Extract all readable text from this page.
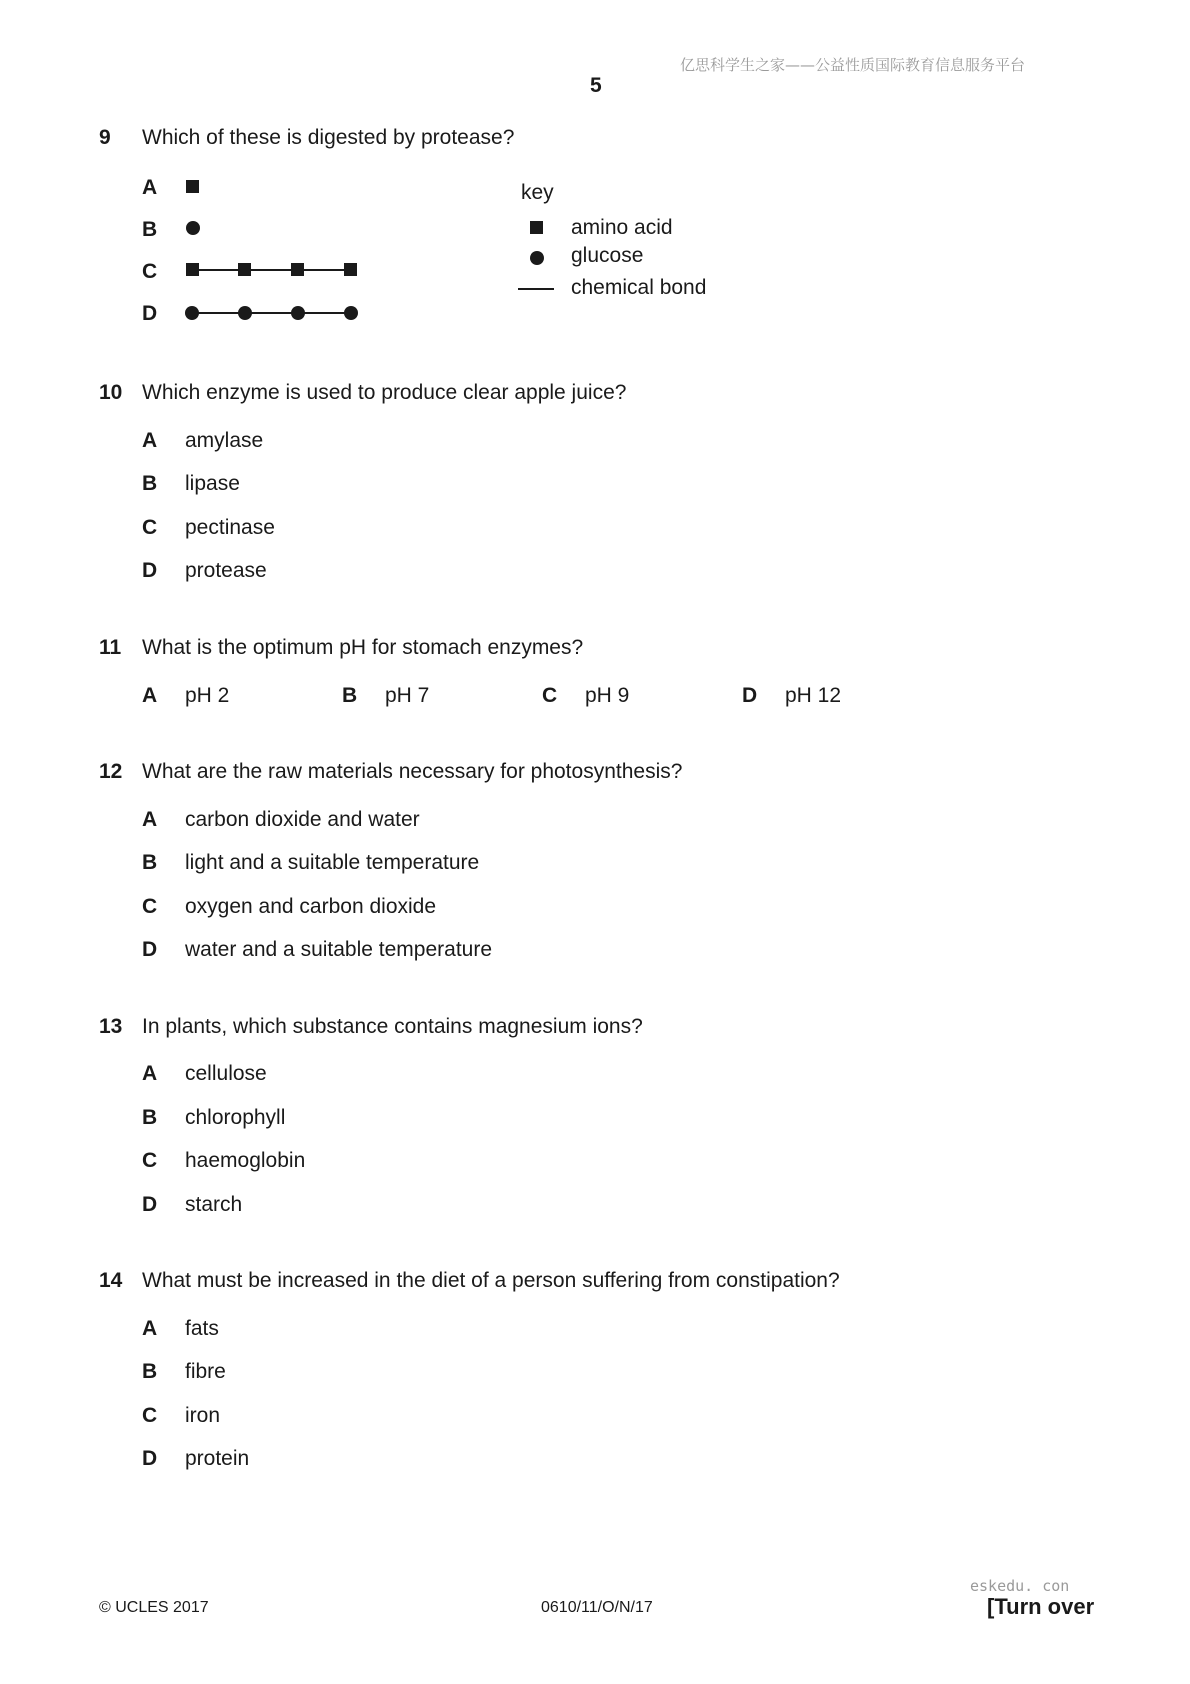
亿思科学生之家——公益性质国际教育信息服务平台
5
9 Which of these is digested by protease?
A
B
C
D
key
amino acid
glucose
chemical bond
10 Which enzyme is used to produce clear apple juice?
A amylase
B lipase
C pectinase
D protease
11 What is the optimum pH for stomach enzymes?
A pH 2	B pH 7	C pH 9	D pH 12
12 What are the raw materials necessary for photosynthesis?
A carbon dioxide and water
B light and a suitable temperature
C oxygen and carbon dioxide
D water and a suitable temperature
13 In plants, which substance contains magnesium ions?
A cellulose
B chlorophyll
C haemoglobin
D starch
14 What must be increased in the diet of a person suffering from constipation?
A fats
B fibre
C iron
D protein
eskedu. con
© UCLES 2017	0610/11/O/N/17	[Turn over
